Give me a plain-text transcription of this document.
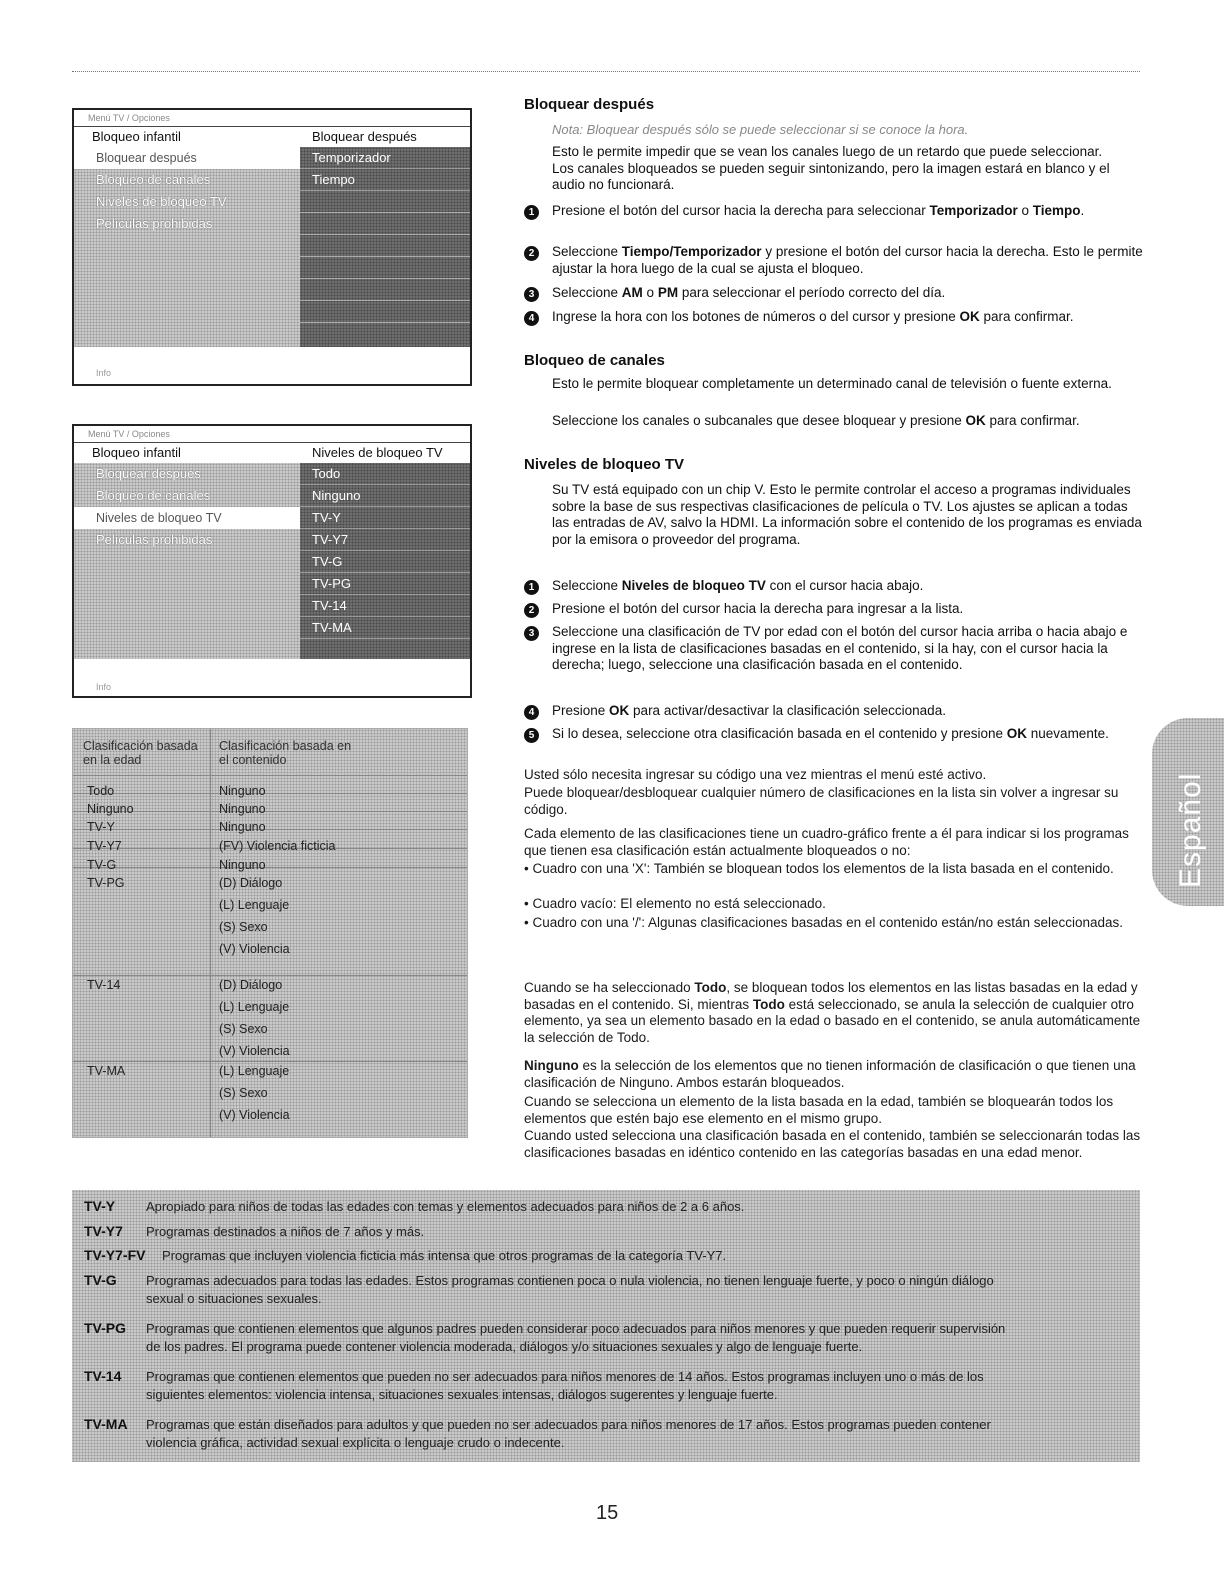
Menú TV / Opciones
Bloqueo infantil	Bloquear después
Bloquear después
Bloqueo de canales
Niveles de bloqueo TV
Películas prohibidas
Temporizador
Tiempo
Info
Menú TV / Opciones
Bloqueo infantil	Niveles de bloqueo TV
Bloquear después
Bloqueo de canales
Niveles de bloqueo TV
Películas prohibidas
Todo
Ninguno
TV-Y
TV-Y7
TV-G
TV-PG
TV-14
TV-MA
Info
Clasificación basada en la edad
Clasificación basada en el contenido
Todo	Ninguno
Ninguno	Ninguno
TV-Y	Ninguno
TV-Y7	(FV) Violencia ficticia
TV-G	Ninguno
TV-PG	(D) Diálogo
(L) Lenguaje
(S) Sexo
(V) Violencia
TV-14	(D) Diálogo
(L) Lenguaje
(S) Sexo
(V) Violencia
TV-MA	(L) Lenguaje
(S) Sexo
(V) Violencia
Bloquear después
Nota: Bloquear después sólo se puede seleccionar si se conoce la hora.
Esto le permite impedir que se vean los canales luego de un retardo que puede seleccionar. Los canales bloqueados se pueden seguir sintonizando, pero la imagen estará en blanco y el audio no funcionará.
1	Presione el botón del cursor hacia la derecha para seleccionar Temporizador o Tiempo.
2	Seleccione Tiempo/Temporizador y presione el botón del cursor hacia la derecha. Esto le permite ajustar la hora luego de la cual se ajusta el bloqueo.
3	Seleccione AM o PM para seleccionar el período correcto del día.
4	Ingrese la hora con los botones de números o del cursor y presione OK para confirmar.
Bloqueo de canales
Esto le permite bloquear completamente un determinado canal de televisión o fuente externa.
Seleccione los canales o subcanales que desee bloquear y presione OK para confirmar.
Niveles de bloqueo TV
Su TV está equipado con un chip V. Esto le permite controlar el acceso a programas individuales sobre la base de sus respectivas clasificaciones de película o TV. Los ajustes se aplican a todas las entradas de AV, salvo la HDMI. La información sobre el contenido de los programas es enviada por la emisora o proveedor del programa.
1	Seleccione Niveles de bloqueo TV con el cursor hacia abajo.
2	Presione el botón del cursor hacia la derecha para ingresar a la lista.
3	Seleccione una clasificación de TV por edad con el botón del cursor hacia arriba o hacia abajo e ingrese en la lista de clasificaciones basadas en el contenido, si la hay, con el cursor hacia la derecha; luego, seleccione una clasificación basada en el contenido.
4	Presione OK para activar/desactivar la clasificación seleccionada.
5	Si lo desea, seleccione otra clasificación basada en el contenido y presione OK nuevamente.
Usted sólo necesita ingresar su código una vez mientras el menú esté activo.
Puede bloquear/desbloquear cualquier número de clasificaciones en la lista sin volver a ingresar su código.
Cada elemento de las clasificaciones tiene un cuadro-gráfico frente a él para indicar si los programas que tienen esa clasificación están actualmente bloqueados o no:
• Cuadro con una 'X': También se bloquean todos los elementos de la lista basada en el contenido.
• Cuadro vacío: El elemento no está seleccionado.
• Cuadro con una '/': Algunas clasificaciones basadas en el contenido están/no están seleccionadas.
Cuando se ha seleccionado Todo, se bloquean todos los elementos en las listas basadas en la edad y basadas en el contenido. Si, mientras Todo está seleccionado, se anula la selección de cualquier otro elemento, ya sea un elemento basado en la edad o basado en el contenido, se anula automáticamente la selección de Todo.
Ninguno es la selección de los elementos que no tienen información de clasificación o que tienen una clasificación de Ninguno. Ambos estarán bloqueados.
Cuando se selecciona un elemento de la lista basada en la edad, también se bloquearán todos los elementos que estén bajo ese elemento en el mismo grupo.
Cuando usted selecciona una clasificación basada en el contenido, también se seleccionarán todas las clasificaciones basadas en idéntico contenido en las categorías basadas en una edad menor.
Español
TV-Y Apropiado para niños de todas las edades con temas y elementos adecuados para niños de 2 a 6 años.
TV-Y7 Programas destinados a niños de 7 años y más.
TV-Y7-FV Programas que incluyen violencia ficticia más intensa que otros programas de la categoría TV-Y7.
TV-G Programas adecuados para todas las edades. Estos programas contienen poca o nula violencia, no tienen lenguaje fuerte, y poco o ningún diálogo
sexual o situaciones sexuales.
TV-PG Programas que contienen elementos que algunos padres pueden considerar poco adecuados para niños menores y que pueden requerir supervisión
de los padres. El programa puede contener violencia moderada, diálogos y/o situaciones sexuales y algo de lenguaje fuerte.
TV-14 Programas que contienen elementos que pueden no ser adecuados para niños menores de 14 años. Estos programas incluyen uno o más de los
siguientes elementos: violencia intensa, situaciones sexuales intensas, diálogos sugerentes y lenguaje fuerte.
TV-MA Programas que están diseñados para adultos y que pueden no ser adecuados para niños menores de 17 años. Estos programas pueden contener
violencia gráfica, actividad sexual explícita o lenguaje crudo o indecente.
15
